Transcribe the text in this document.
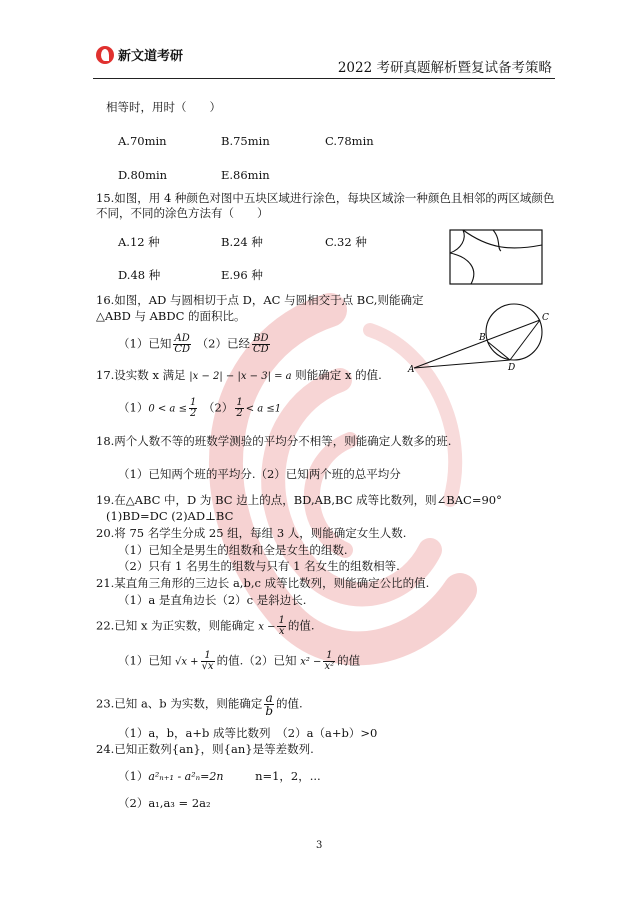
新文道考研
2022 考研真题解析暨复试备考策略
相等时，用时（　　）
A.70min	B.75min	C.78min
D.80min	E.86min
15.如图，用 4 种颜色对图中五块区域进行涂色，每块区域涂一种颜色且相邻的两区域颜色
不同，不同的涂色方法有（　　）
A.12 种	B.24 种	C.32 种
D.48 种	E.96 种
16.如图，AD 与圆相切于点 D，AC 与圆相交于点 BC,则能确定
△ABD 与 ABDC 的面积比。
（1）已知 $\frac{AD}{CD} (2)$已经 $\frac{BD}{CD}$
A
B
C
D
17.设实数 x 满足 |x − 2| − |x − 3| = a 则能确定 x 的值.
$(1)0 < a \le \frac{1}{2} (2) \frac{1}{2} < a \le 1$
18.两个人数不等的班数学测验的平均分不相等，则能确定人数多的班.
（1）已知两个班的平均分.（2）已知两个班的总平均分
19.在△ABC 中，D 为 BC 边上的点，BD,AB,BC 成等比数列，则∠BAC=90°
(1)BD=DC (2)AD⊥BC
20.将 75 名学生分成 25 组，每组 3 人，则能确定女生人数.
（1）已知全是男生的组数和全是女生的组数.
（2）只有 1 名男生的组数与只有 1 名女生的组数相等.
21.某直角三角形的三边长 a,b,c 成等比数列，则能确定公比的值.
（1）a 是直角边长（2）c 是斜边长.
22.已知 x 为正实数，则能确定 $x - \frac{1}{x}$ 的值.
（1）已知 $√x + \frac{1}{√x}$ 的值.（2）已知 $x^2 - \frac{1}{\text{x²}}$ 的值
23.已知 a、b 为实数，则能确定 $\frac{a}{b}$ 的值.
（1）a，b，a+b 成等比数列　（2）a（a+b）>0
24.已知正数列{an}，则{an}是等差数列.
（1）a²ₙ₊₁ - a²ₙ=2n	n=1，2，...
（2）a₁,a₃ = 2a₂
3
